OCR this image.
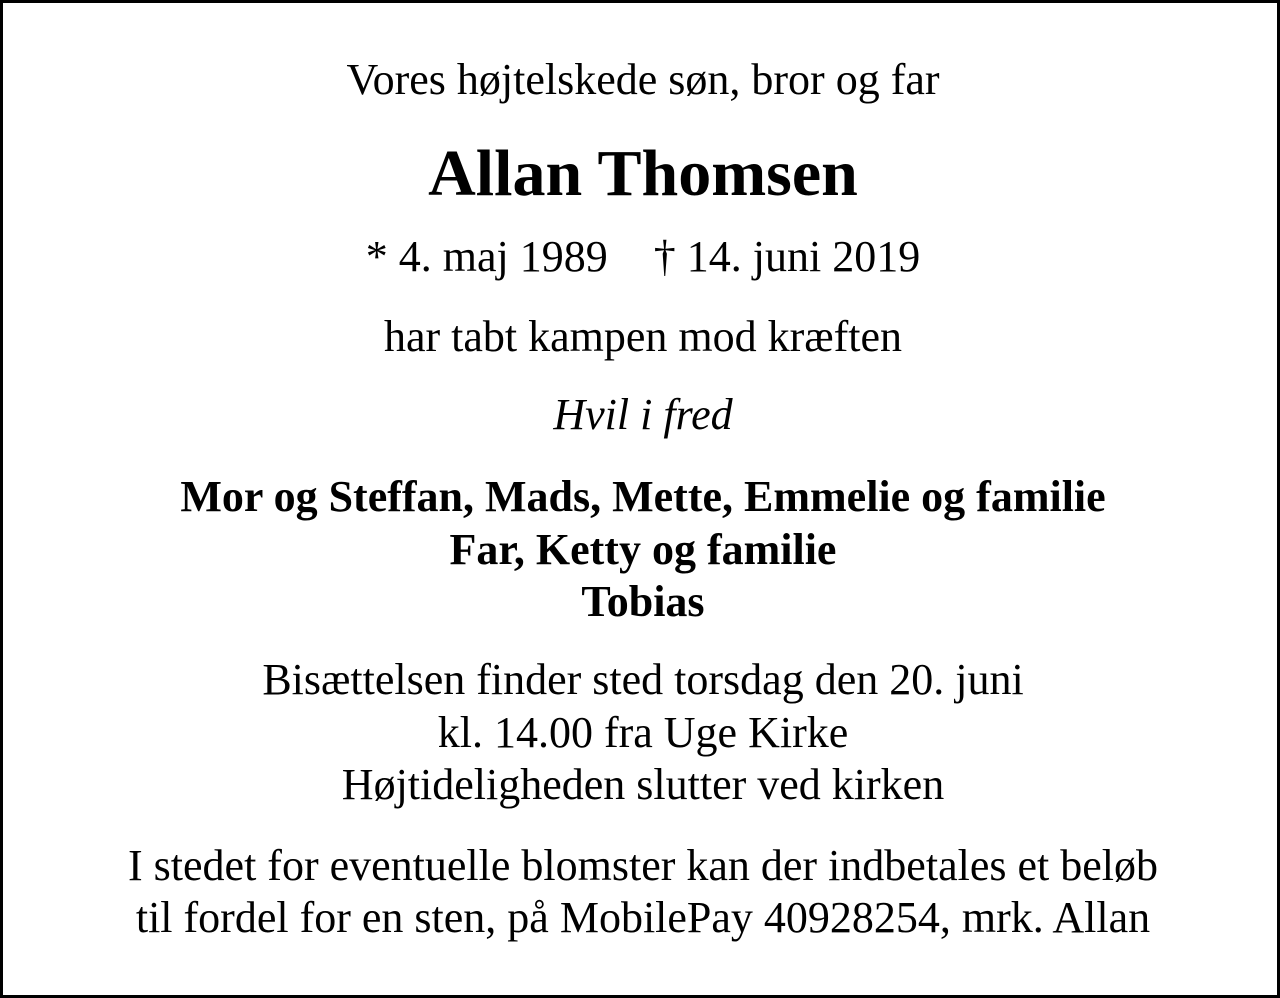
Vores højtelskede søn, bror og far
Allan Thomsen
* 4. maj 1989 † 14. juni 2019
har tabt kampen mod kræften
Hvil i fred
Mor og Steffan, Mads, Mette, Emmelie og familie
Far, Ketty og familie
Tobias
Bisættelsen finder sted torsdag den 20. juni
kl. 14.00 fra Uge Kirke
Højtideligheden slutter ved kirken
I stedet for eventuelle blomster kan der indbetales et beløb
til fordel for en sten, på MobilePay 40928254, mrk. Allan
